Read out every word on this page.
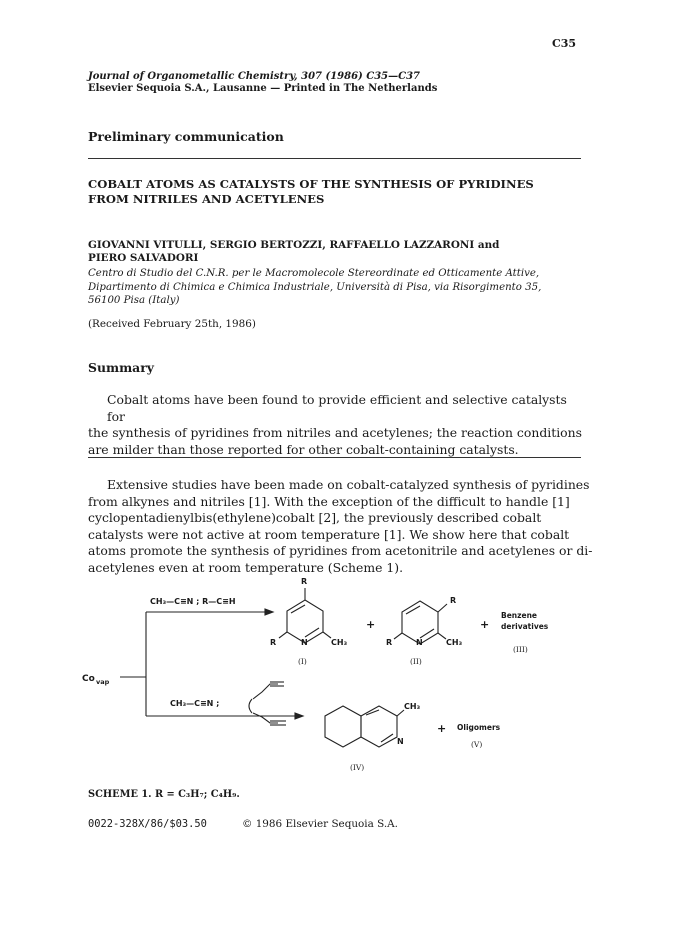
C35
Journal of Organometallic Chemistry, 307 (1986) C35—C37
Elsevier Sequoia S.A., Lausanne — Printed in The Netherlands
Preliminary communication
COBALT ATOMS AS CATALYSTS OF THE SYNTHESIS OF PYRIDINES
FROM NITRILES AND ACETYLENES
GIOVANNI VITULLI, SERGIO BERTOZZI, RAFFAELLO LAZZARONI and
PIERO SALVADORI
Centro di Studio del C.N.R. per le Macromolecole Stereordinate ed Otticamente Attive,
Dipartimento di Chimica e Chimica Industriale, Università di Pisa, via Risorgimento 35,
56100 Pisa (Italy)
(Received February 25th, 1986)
Summary
Cobalt atoms have been found to provide efficient and selective catalysts for
the synthesis of pyridines from nitriles and acetylenes; the reaction conditions
are milder than those reported for other cobalt-containing catalysts.
Extensive studies have been made on cobalt-catalyzed synthesis of pyridines
from alkynes and nitriles [1]. With the exception of the difficult to handle [1]
cyclopentadienylbis(ethylene)cobalt [2], the previously described cobalt
catalysts were not active at room temperature [1]. We show here that cobalt
atoms promote the synthesis of pyridines from acetonitrile and acetylenes or di-
acetylenes even at room temperature (Scheme 1).
Co vap
CH₃—C≡N ; R—C≡H
R
R	N	CH₃
(I)
+
R
R	N	CH₃
(II)
+
Benzene
derivatives
(III)
CH₃—C≡N ;	CH₃
N
(IV)
+ Oligomers
(V)
SCHEME 1. R = C₃H₇; C₄H₉.
0022-328X/86/$03.50	© 1986 Elsevier Sequoia S.A.
